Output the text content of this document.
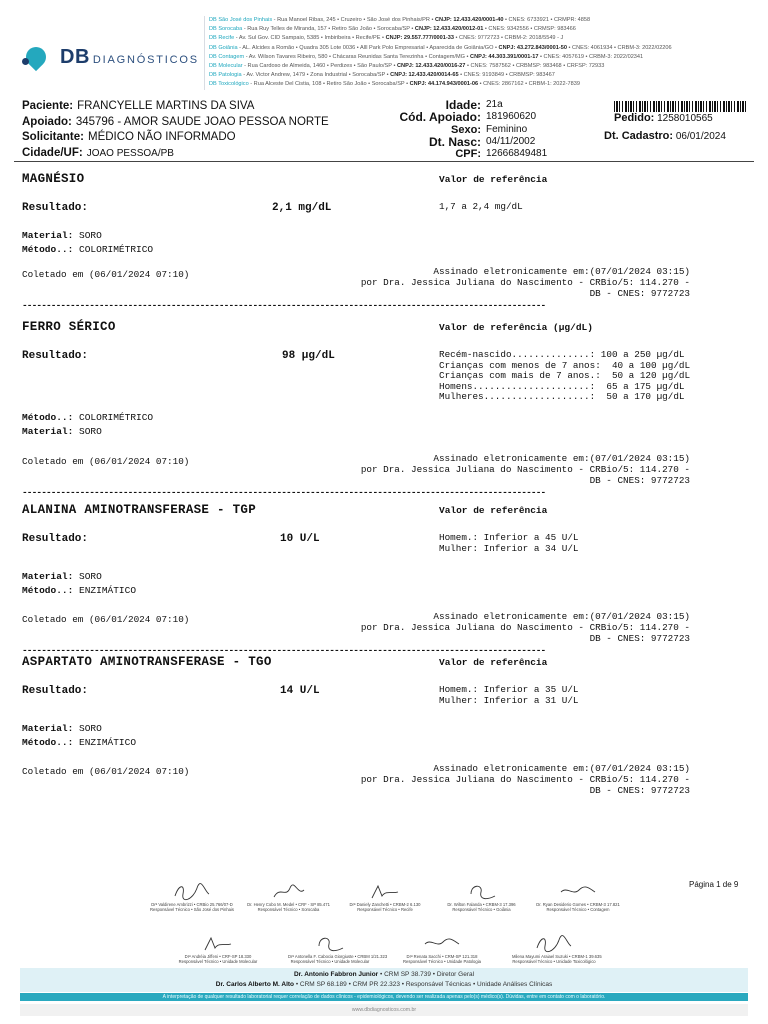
DB DIAGNÓSTICOS
DB São José dos Pinhais - Rua Manoel Ribas, 245 • Cruzeiro • São José dos Pinhais/PR • CNJP: 12.433.420/0001-40 • CNES: 6733921 • CRMPR: 4858
DB Sorocaba - Rua Ruy Telles de Miranda, 157 • Retiro São João • Sorocaba/SP • CNJP: 12.433.420/0012-01 • CNES: 9342556 • CRMSP: 983466
DB Recife - Av. Sul Gov. CID Sampaio, 5385 • Imbiribeira • Recife/PE • CNJP: 29.557.777/0001-33 • CNES: 9772723 • CRBM-2: 2018/5549 - J
DB Goiânia - AL. Alcides a Romão • Quadra 305 Lote 0036 • Alll Park Polo Empresarial • Aparecida de Goiânia/GO • CNPJ: 43.272.843/0001-50 • CNES: 4061934 • CRBM-3: 2022/02206
DB Contagem - Av. Wilson Tavares Ribeiro, 580 • Chácaras Reunidas Santa Terezinha • Contagem/MG • CNPJ: 44.303.391/0001-17 • CNES: 4057619 • CRBM-3: 2022/02341
DB Molecular - Rua Cardoso de Almeida, 1460 • Perdizes • São Paulo/SP • CNPJ: 12.433.420/0016-27 • CNES: 7587562 • CRBMSP: 983468 • CRFSP: 72933
DB Patologia - Av. Victor Andrew, 1479 • Zona Industrial • Sorocaba/SP • CNPJ: 12.433.420/0014-65 • CNES: 9193849 • CRBMSP: 983467
DB Toxicológico - Rua Alceste Del Cistia, 108 • Retiro São João • Sorocaba/SP • CNPJ: 44.174.943/0001-06 • CNES: 2867162 • CRBM-1: 2022-7839
Paciente: FRANCYELLE MARTINS DA SIVA
Apoiado: 345796 - AMOR SAUDE JOAO PESSOA NORTE
Solicitante: MÉDICO NÃO INFORMADO
Cidade/UF: JOAO PESSOA/PB
Idade: 21a
Cód. Apoiado: 181960620
Sexo: Feminino
Dt. Nasc: 04/11/2002
CPF: 12666849481
Pedido: 1258010565
Dt. Cadastro: 06/01/2024
MAGNÉSIO	Valor de referência
Resultado:	2,1 mg/dL	1,7 a 2,4 mg/dL
Material: SORO
Método..: COLORIMÉTRICO
Coletado em (06/01/2024 07:10)	Assinado eletronicamente em:(07/01/2024 03:15)
por Dra. Jessica Juliana do Nascimento - CRBio/5: 114.270 -
DB - CNES: 9772723
-------------------------------------------------------------------------------------------------------------
FERRO SÉRICO	Valor de referência (µg/dL)
Resultado:	98 µg/dL	Recém-nascido..............: 100 a 250 µg/dL
Crianças com menos de 7 anos:  40 a 100 µg/dL
Crianças com mais de 7 anos.:  50 a 120 µg/dL
Homens.....................:  65 a 175 µg/dL
Mulheres...................:  50 a 170 µg/dL
Método..: COLORIMÉTRICO
Material: SORO
Coletado em (06/01/2024 07:10)	Assinado eletronicamente em:(07/01/2024 03:15)
por Dra. Jessica Juliana do Nascimento - CRBio/5: 114.270 -
DB - CNES: 9772723
-------------------------------------------------------------------------------------------------------------
ALANINA AMINOTRANSFERASE - TGP	Valor de referência
Resultado:	10 U/L	Homem.: Inferior a 45 U/L
Mulher: Inferior a 34 U/L
Material: SORO
Método..: ENZIMÁTICO
Coletado em (06/01/2024 07:10)	Assinado eletronicamente em:(07/01/2024 03:15)
por Dra. Jessica Juliana do Nascimento - CRBio/5: 114.270 -
DB - CNES: 9772723
-------------------------------------------------------------------------------------------------------------
ASPARTATO AMINOTRANSFERASE - TGO	Valor de referência
Resultado:	14 U/L	Homem.: Inferior a 35 U/L
Mulher: Inferior a 31 U/L
Material: SORO
Método..: ENZIMÁTICO
Coletado em (06/01/2024 07:10)	Assinado eletronicamente em:(07/01/2024 03:15)
por Dra. Jessica Juliana do Nascimento - CRBio/5: 114.270 -
DB - CNES: 9772723
Página 1 de 9
Drª Valdirene Ambrizzi • CRBio 25.766/07-D
Responsável Técnico • São José dos Pinhais
Dr. Henry Cobo M. Medel • CRF - SP 85.471
Responsável Técnico • Sorocaba
Drª Daniely Zanchetti • CRBM-2 6.130
Responsável Técnico • Recife
Dr. Wilton Falanda • CRBM-3 17.396
Responsável Técnico • Goiânia
Dr. Ryan Desiderio Gomes • CRBM-3 17.821
Responsável Técnico • Contagem
Drª Andréia Jiffeni • CRF-SP 18.330
Responsável Técnico • Unidade Molecular
Drª Antonella F. Cabocia Giorgiuste • CRBM 1/21.323
Responsável Técnico • Unidade Molecular
Drª Renata Sacchi • CRM-SP 121.318
Responsável Técnico • Unidade Patologia
Milena Mayumi Araiael Suzuki • CRBM-1 39.635
Responsável Técnico • Unidade Toxicológico
Dr. Antonio Fabbron Junior • CRM SP 38.739 • Diretor Geral
Dr. Carlos Alberto M. Alto • CRM SP 68.189 • CRM PR 22.323 • Responsável Técnicas • Unidade Análises Clínicas
A interpretação de qualquer resultado laboratorial requer correlação de dados clínicos - epidemiológicos, devendo ser realizada apenas pelo(s) médico(s). Dúvidas, entre em contato com o laboratório.
www.dbdiagnosticos.com.br
